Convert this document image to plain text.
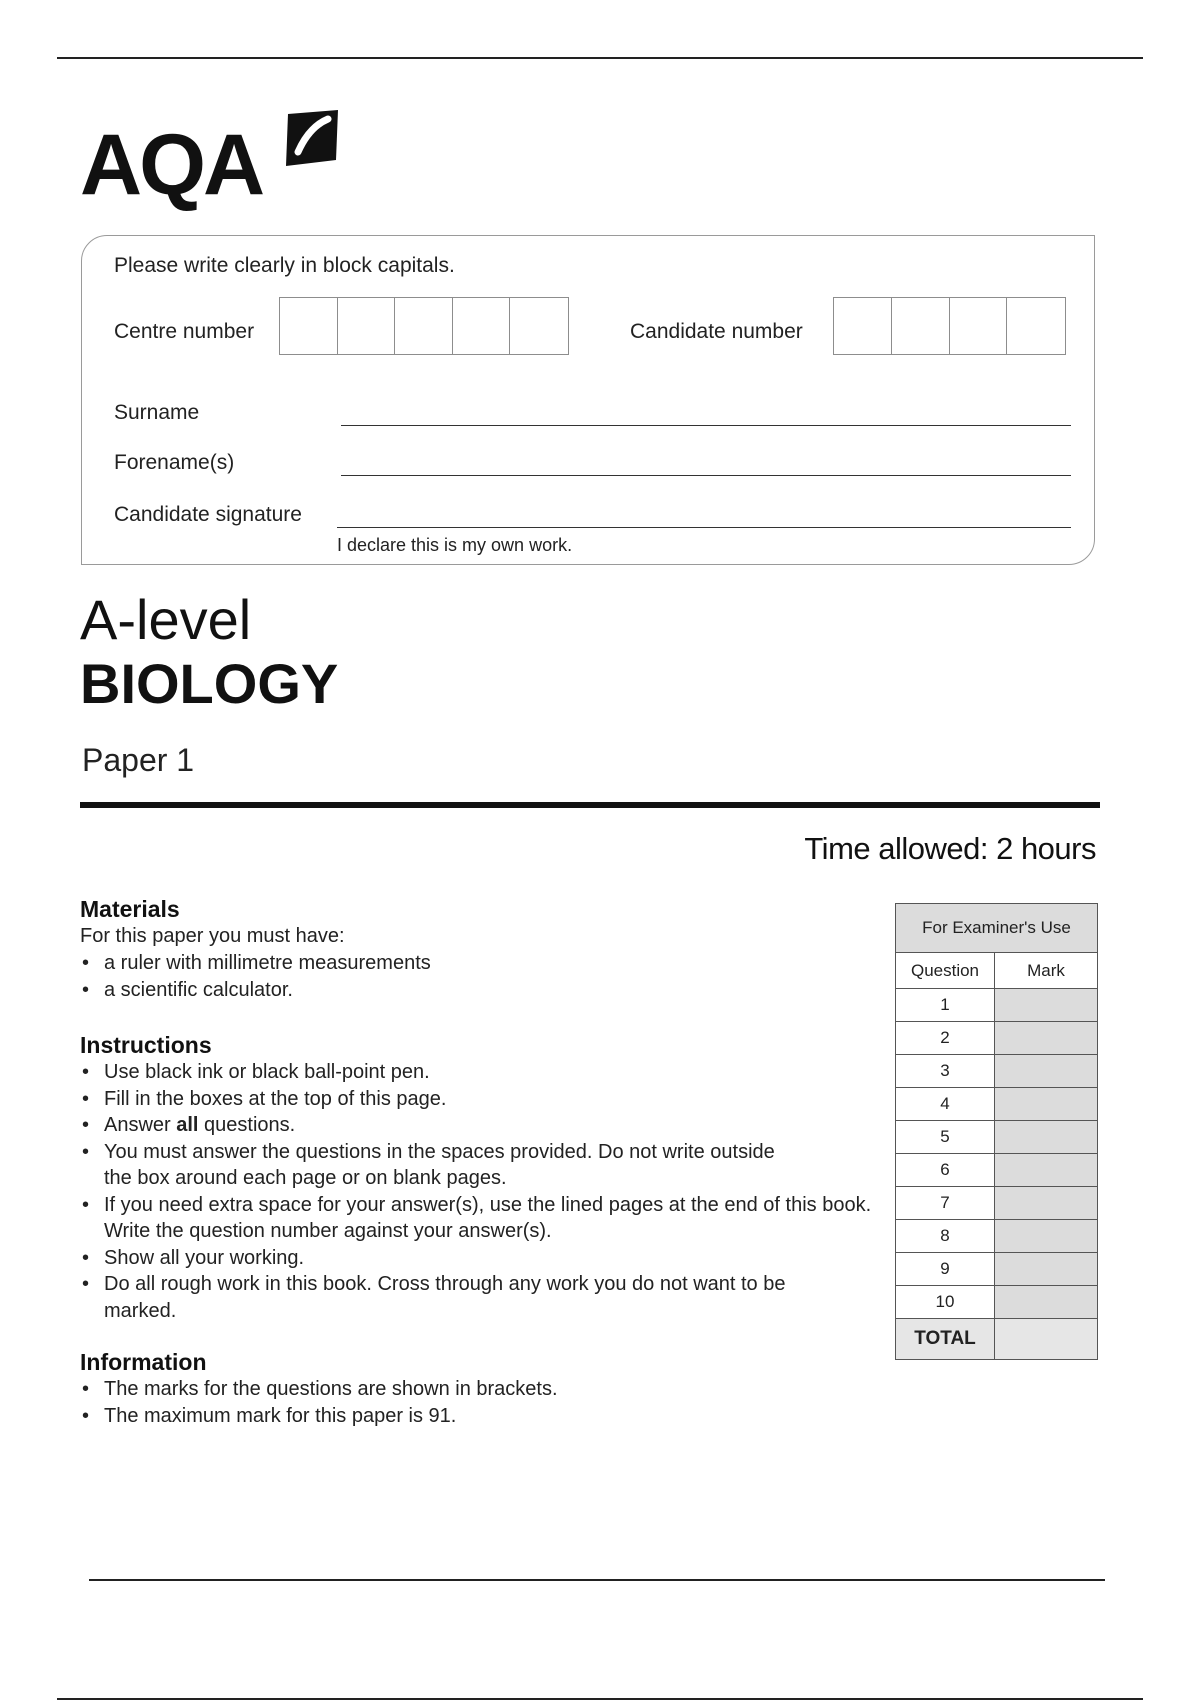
AQA
Please write clearly in block capitals.
Centre number	Candidate number
Surname
Forename(s)
Candidate signature
I declare this is my own work.
A-level
BIOLOGY
Paper 1
Time allowed: 2 hours

Materials

For this paper you must have:

• a ruler with millimetre measurements
• a scientific calculator.

Instructions

• Use black ink or black ball-point pen.
• Fill in the boxes at the top of this page.
• Answer all questions.
• You must answer the questions in the spaces provided. Do not write outside the box around each page or on blank pages.
• If you need extra space for your answer(s), use the lined pages at the end of this book. Write the question number against your answer(s).
• Show all your working.
• Do all rough work in this book. Cross through any work you do not want to be marked.

Information

• The marks for the questions are shown in brackets.
• The maximum mark for this paper is 91.
For Examiner's Use	
Question	Mark
1	
2	
3	
4	
5	
6	
7	
8	
9	
10	
TOTAL	
